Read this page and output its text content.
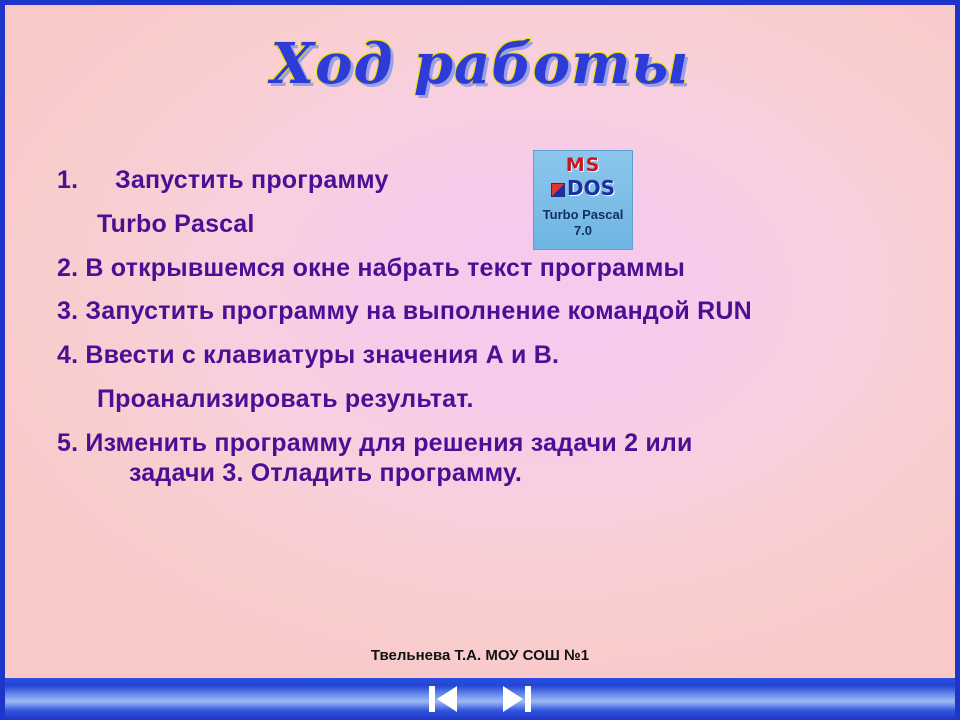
Ход работы
MS
DOS
Turbo Pascal
7.0
1.	Запустить программу
Turbo Pascal
2. В открывшемся окне набрать текст программы
3. Запустить программу на выполнение командой RUN
4. Ввести с клавиатуры значения А и В.
Проанализировать результат.
5. Изменить программу для решения задачи 2 или задачи 3. Отладить программу.
Твельнева Т.А. МОУ СОШ №1
